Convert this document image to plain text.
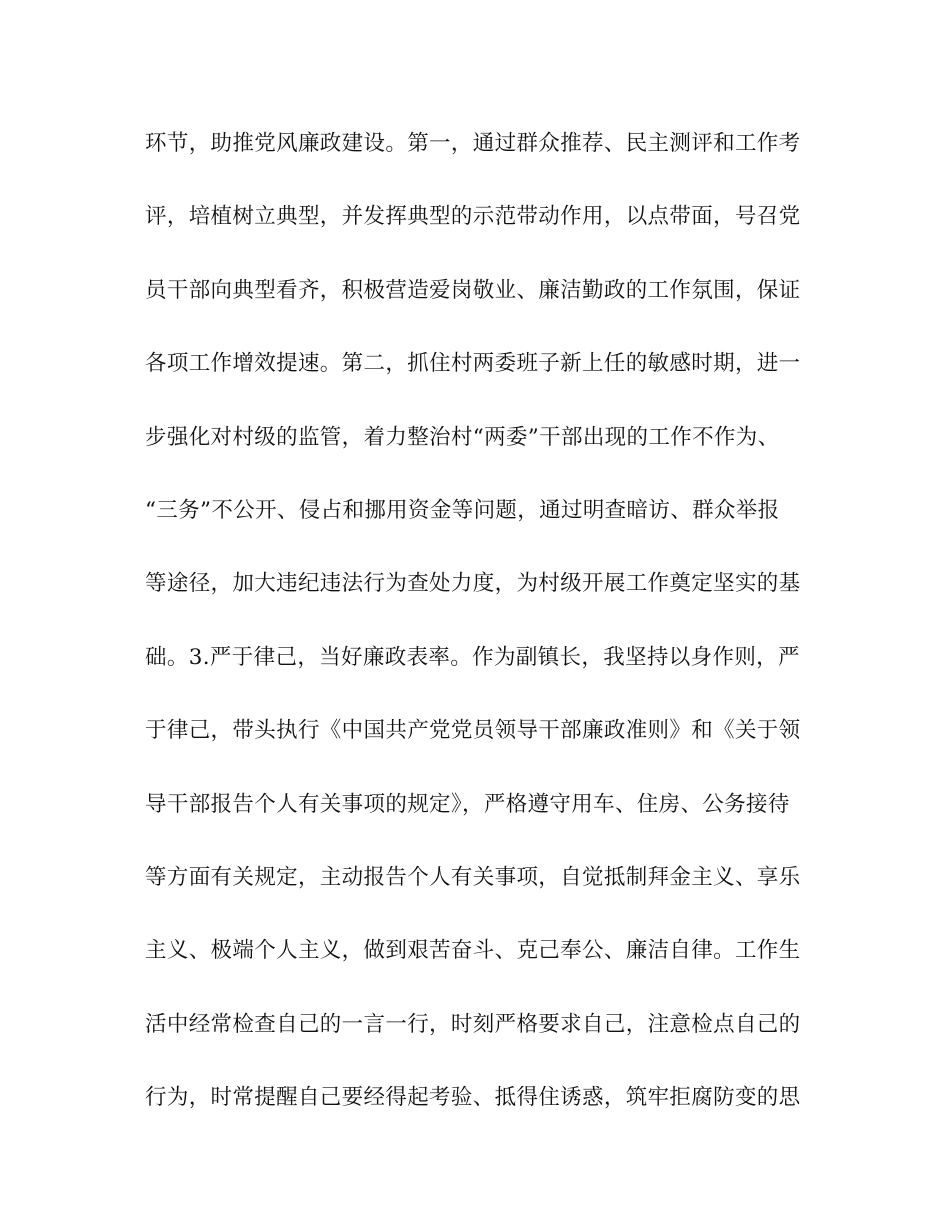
环节，助推党风廉政建设。第一，通过群众推荐、民主测评和工作考
评，培植树立典型，并发挥典型的示范带动作用，以点带面，号召党
员干部向典型看齐，积极营造爱岗敬业、廉洁勤政的工作氛围，保证
各项工作增效提速。第二，抓住村两委班子新上任的敏感时期，进一
步强化对村级的监管，着力整治村“两委”干部出现的工作不作为、
“三务”不公开、侵占和挪用资金等问题，通过明查暗访、群众举报
等途径，加大违纪违法行为查处力度，为村级开展工作奠定坚实的基
础。3.严于律己，当好廉政表率。作为副镇长，我坚持以身作则，严
于律己，带头执行《中国共产党党员领导干部廉政准则》和《关于领
导干部报告个人有关事项的规定》，严格遵守用车、住房、公务接待
等方面有关规定，主动报告个人有关事项，自觉抵制拜金主义、享乐
主义、极端个人主义，做到艰苦奋斗、克己奉公、廉洁自律。工作生
活中经常检查自己的一言一行，时刻严格要求自己，注意检点自己的
行为，时常提醒自己要经得起考验、抵得住诱惑，筑牢拒腐防变的思
